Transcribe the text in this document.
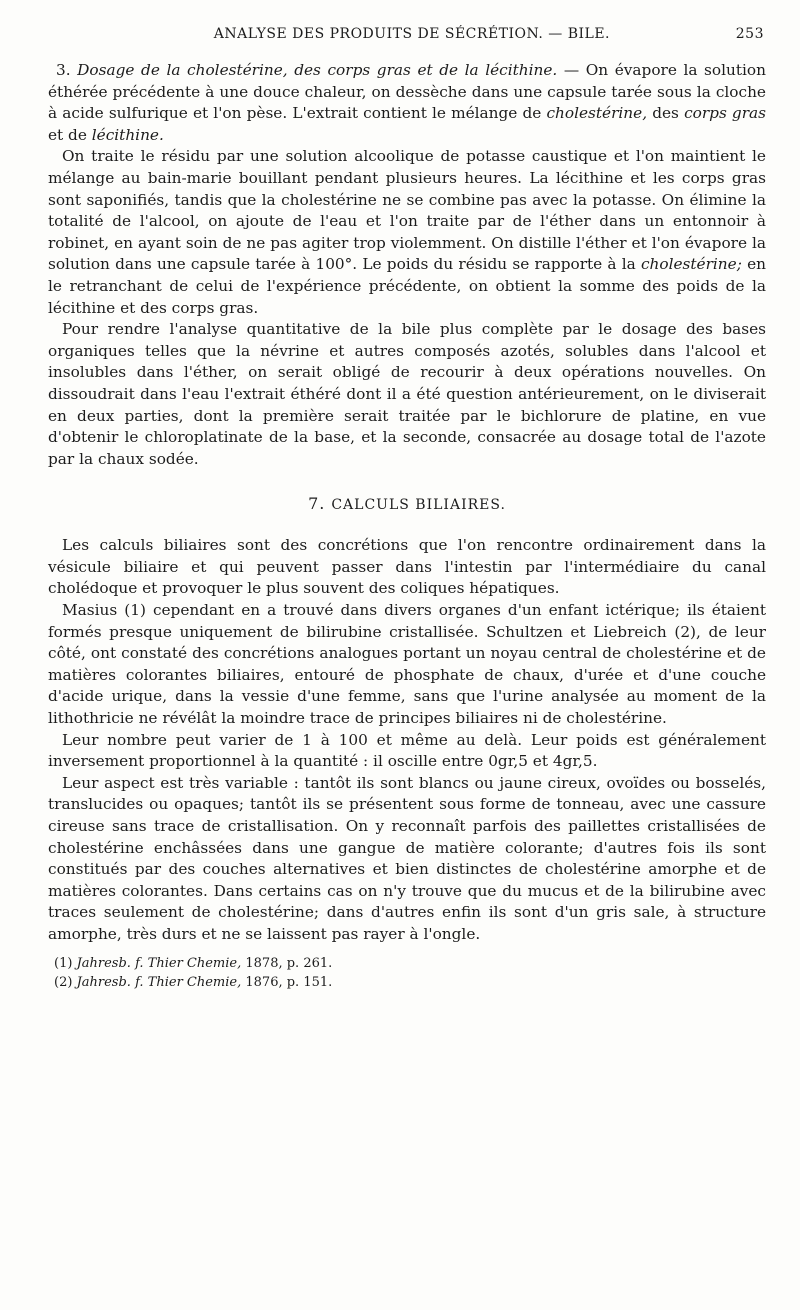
ANALYSE DES PRODUITS DE SÉCRÉTION. — BILE.	253

3. Dosage de la cholestérine, des corps gras et de la lécithine. — On évapore la solution éthérée précédente à une douce chaleur, on dessèche dans une capsule tarée sous la cloche à acide sulfurique et l'on pèse. L'extrait contient le mélange de cholestérine, des corps gras et de lécithine.

On traite le résidu par une solution alcoolique de potasse caustique et l'on maintient le mélange au bain-marie bouillant pendant plusieurs heures. La lécithine et les corps gras sont saponifiés, tandis que la cholestérine ne se combine pas avec la potasse. On élimine la totalité de l'alcool, on ajoute de l'eau et l'on traite par de l'éther dans un entonnoir à robinet, en ayant soin de ne pas agiter trop violemment. On distille l'éther et l'on évapore la solution dans une capsule tarée à 100°. Le poids du résidu se rapporte à la cholestérine; en le retranchant de celui de l'expérience précédente, on obtient la somme des poids de la lécithine et des corps gras.

Pour rendre l'analyse quantitative de la bile plus complète par le dosage des bases organiques telles que la névrine et autres composés azotés, solubles dans l'alcool et insolubles dans l'éther, on serait obligé de recourir à deux opérations nouvelles. On dissoudrait dans l'eau l'extrait éthéré dont il a été question antérieurement, on le diviserait en deux parties, dont la première serait traitée par le bichlorure de platine, en vue d'obtenir le chloroplatinate de la base, et la seconde, consacrée au dosage total de l'azote par la chaux sodée.

7. CALCULS BILIAIRES.

Les calculs biliaires sont des concrétions que l'on rencontre ordinairement dans la vésicule biliaire et qui peuvent passer dans l'intestin par l'intermédiaire du canal cholédoque et provoquer le plus souvent des coliques hépatiques.

Masius (1) cependant en a trouvé dans divers organes d'un enfant ictérique; ils étaient formés presque uniquement de bilirubine cristallisée. Schultzen et Liebreich (2), de leur côté, ont constaté des concrétions analogues portant un noyau central de cholestérine et de matières colorantes biliaires, entouré de phosphate de chaux, d'urée et d'une couche d'acide urique, dans la vessie d'une femme, sans que l'urine analysée au moment de la lithothricie ne révélât la moindre trace de principes biliaires ni de cholestérine.

Leur nombre peut varier de 1 à 100 et même au delà. Leur poids est généralement inversement proportionnel à la quantité : il oscille entre 0gr,5 et 4gr,5.

Leur aspect est très variable : tantôt ils sont blancs ou jaune cireux, ovoïdes ou bosselés, translucides ou opaques; tantôt ils se présentent sous forme de tonneau, avec une cassure cireuse sans trace de cristallisation. On y reconnaît parfois des paillettes cristallisées de cholestérine enchâssées dans une gangue de matière colorante; d'autres fois ils sont constitués par des couches alternatives et bien distinctes de cholestérine amorphe et de matières colorantes. Dans certains cas on n'y trouve que du mucus et de la bilirubine avec traces seulement de cholestérine; dans d'autres enfin ils sont d'un gris sale, à structure amorphe, très durs et ne se laissent pas rayer à l'ongle.

(1) Jahresb. f. Thier Chemie, 1878, p. 261.
(2) Jahresb. f. Thier Chemie, 1876, p. 151.
